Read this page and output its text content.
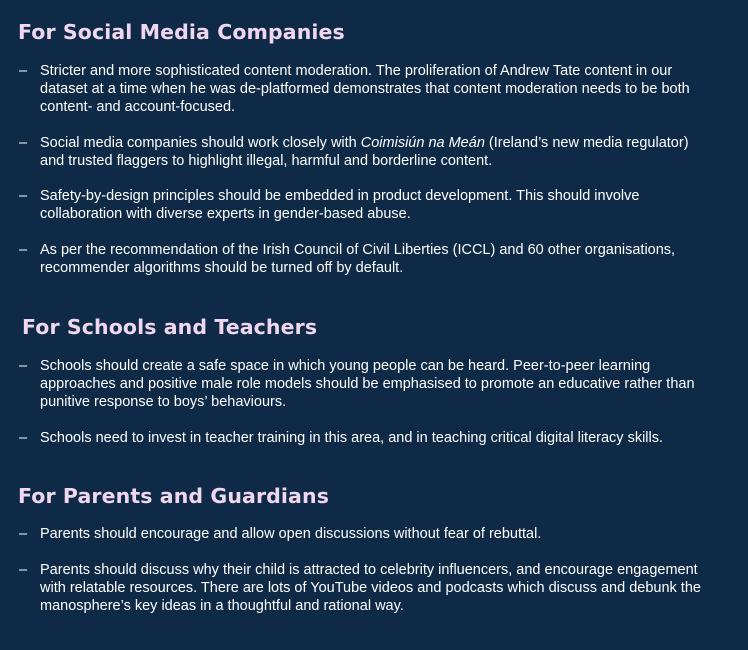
For Social Media Companies
– Stricter and more sophisticated content moderation. The proliferation of Andrew Tate content in our dataset at a time when he was de-platformed demonstrates that content moderation needs to be both content- and account-focused.
– Social media companies should work closely with Coimisiún na Meán (Ireland’s new media regulator) and trusted flaggers to highlight illegal, harmful and borderline content.
– Safety-by-design principles should be embedded in product development. This should involve collaboration with diverse experts in gender-based abuse.
– As per the recommendation of the Irish Council of Civil Liberties (ICCL) and 60 other organisations, recommender algorithms should be turned off by default.
For Schools and Teachers
– Schools should create a safe space in which young people can be heard. Peer-to-peer learning approaches and positive male role models should be emphasised to promote an educative rather than punitive response to boys’ behaviours.
– Schools need to invest in teacher training in this area, and in teaching critical digital literacy skills.
For Parents and Guardians
– Parents should encourage and allow open discussions without fear of rebuttal.
– Parents should discuss why their child is attracted to celebrity influencers, and encourage engagement with relatable resources. There are lots of YouTube videos and podcasts which discuss and debunk the manosphere’s key ideas in a thoughtful and rational way.
